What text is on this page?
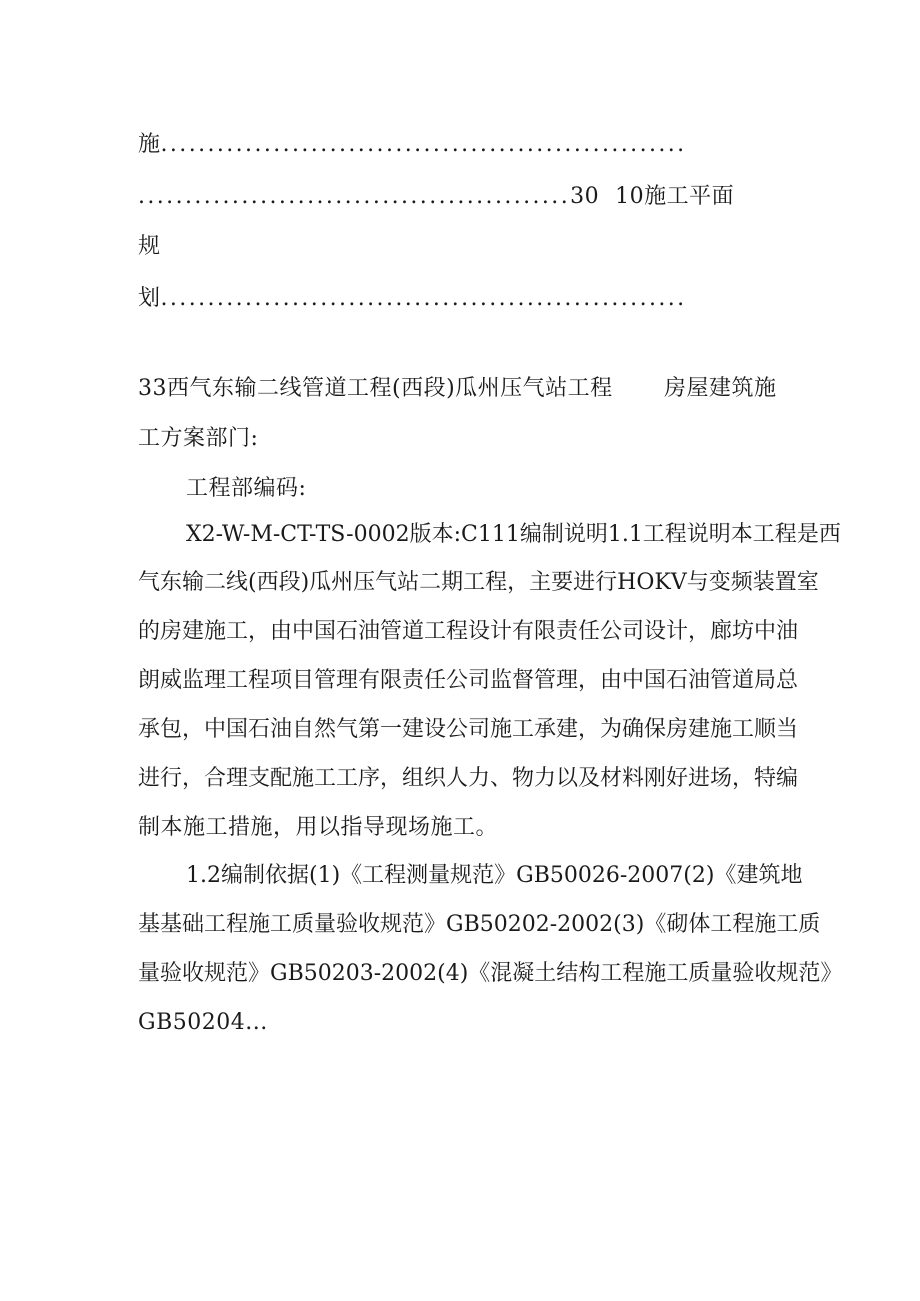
施........................................................
..............................................30 10施工平面
规
划........................................................
33西气东输二线管道工程(西段)瓜州压气站工程 房屋建筑施
工方案部门:
工程部编码:
X2-W-M-CT-TS-0002版本:C111编制说明1.1工程说明本工程是西
气东输二线(西段)瓜州压气站二期工程，主要进行HOKV与变频装置室
的房建施工，由中国石油管道工程设计有限责任公司设计，廊坊中油
朗威监理工程项目管理有限责任公司监督管理，由中国石油管道局总
承包，中国石油自然气第一建设公司施工承建，为确保房建施工顺当
进行，合理支配施工工序，组织人力、物力以及材料刚好进场，特编
制本施工措施，用以指导现场施工。
1.2编制依据(1)《工程测量规范》GB50026-2007(2)《建筑地
基基础工程施工质量验收规范》GB50202-2002(3)《砌体工程施工质
量验收规范》GB50203-2002(4)《混凝土结构工程施工质量验收规范》
GB50204...
